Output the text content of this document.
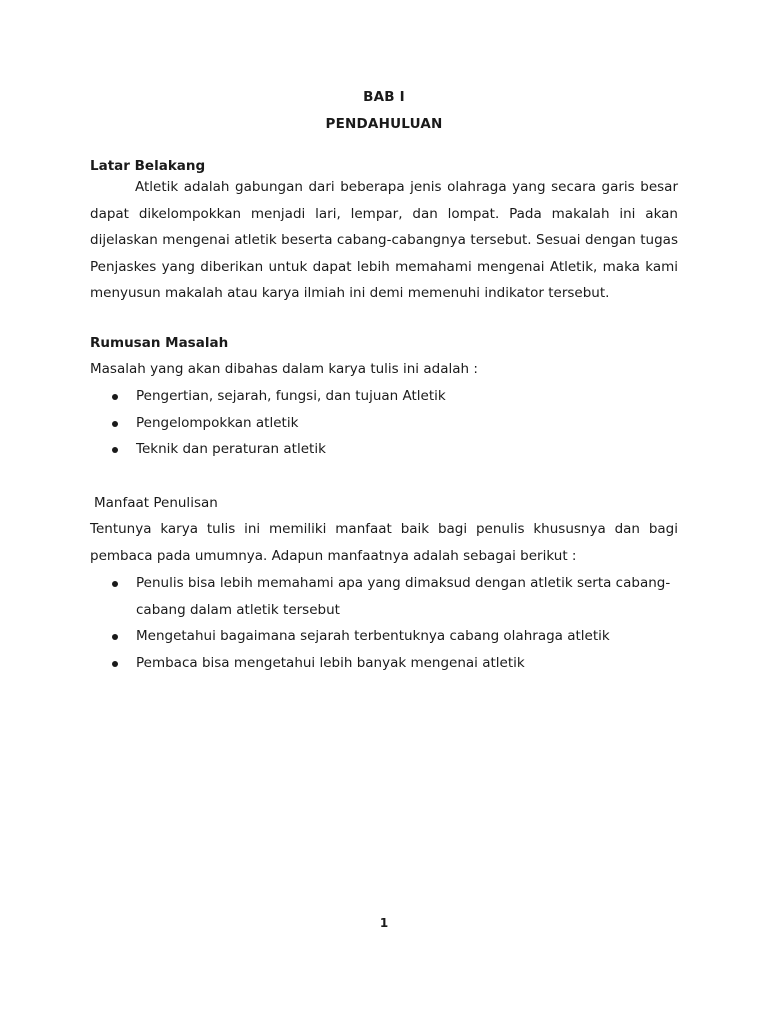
BAB I
PENDAHULUAN
Latar Belakang

Atletik adalah gabungan dari beberapa jenis olahraga yang secara garis besar dapat dikelompokkan menjadi lari, lempar, dan lompat. Pada makalah ini akan dijelaskan mengenai atletik beserta cabang-cabangnya tersebut. Sesuai dengan tugas Penjaskes yang diberikan untuk dapat lebih memahami mengenai Atletik, maka kami menyusun makalah atau karya ilmiah ini demi memenuhi indikator tersebut.

Rumusan Masalah
Masalah yang akan dibahas dalam karya tulis ini adalah :
Pengertian, sejarah, fungsi, dan tujuan Atletik
Pengelompokkan atletik
Teknik dan peraturan atletik
Manfaat Penulisan

Tentunya karya tulis ini memiliki manfaat baik bagi penulis khususnya dan bagi pembaca pada umumnya. Adapun manfaatnya adalah sebagai berikut :

Penulis bisa lebih memahami apa yang dimaksud dengan atletik serta cabang-cabang dalam atletik tersebut
Mengetahui bagaimana sejarah terbentuknya cabang olahraga atletik
Pembaca bisa mengetahui lebih banyak mengenai atletik
1
